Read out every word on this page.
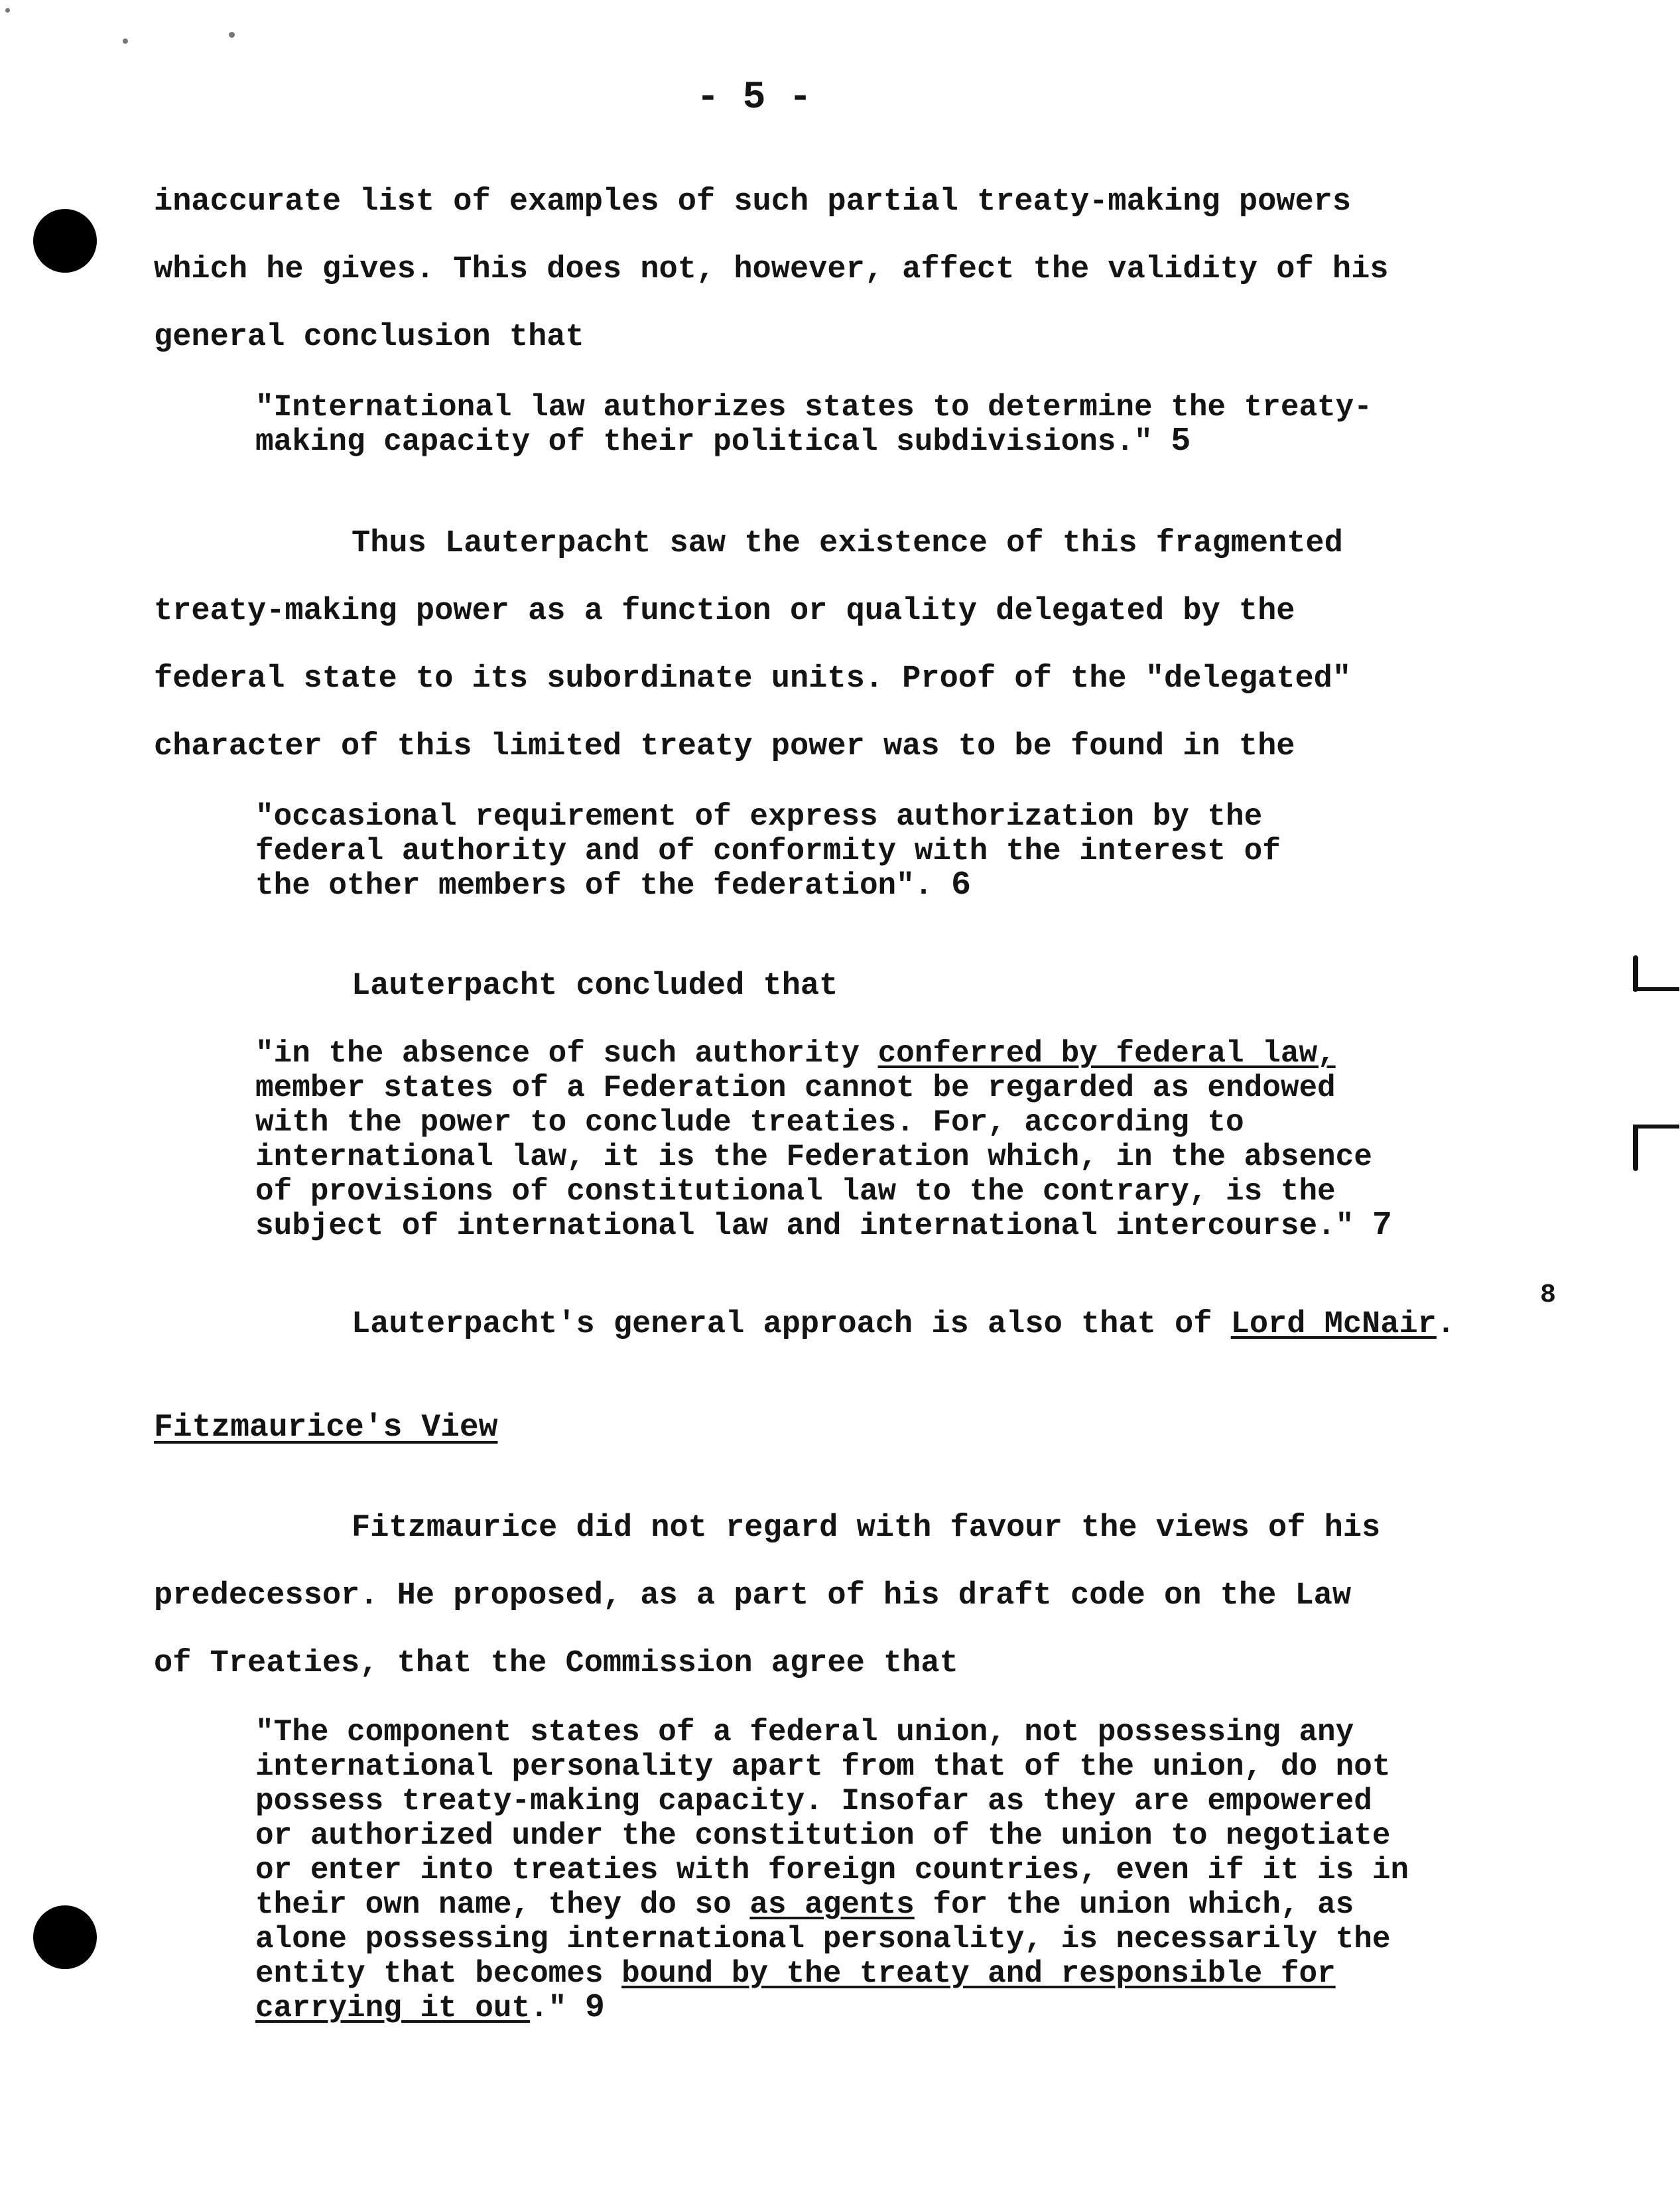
- 5 -
inaccurate list of examples of such partial treaty-making powers
which he gives. This does not, however, affect the validity of his
general conclusion that
"International law authorizes states to determine the treaty-
making capacity of their political subdivisions." 5
Thus Lauterpacht saw the existence of this fragmented
treaty-making power as a function or quality delegated by the
federal state to its subordinate units. Proof of the "delegated"
character of this limited treaty power was to be found in the
"occasional requirement of express authorization by the
federal authority and of conformity with the interest of
the other members of the federation". 6
Lauterpacht concluded that
"in the absence of such authority conferred by federal law,
member states of a Federation cannot be regarded as endowed
with the power to conclude treaties. For, according to
international law, it is the Federation which, in the absence
of provisions of constitutional law to the contrary, is the
subject of international law and international intercourse." 7
Lauterpacht's general approach is also that of Lord McNair.
8
Fitzmaurice's View
Fitzmaurice did not regard with favour the views of his
predecessor. He proposed, as a part of his draft code on the Law
of Treaties, that the Commission agree that
"The component states of a federal union, not possessing any
international personality apart from that of the union, do not
possess treaty-making capacity. Insofar as they are empowered
or authorized under the constitution of the union to negotiate
or enter into treaties with foreign countries, even if it is in
their own name, they do so as agents for the union which, as
alone possessing international personality, is necessarily the
entity that becomes bound by the treaty and responsible for
carrying it out." 9
